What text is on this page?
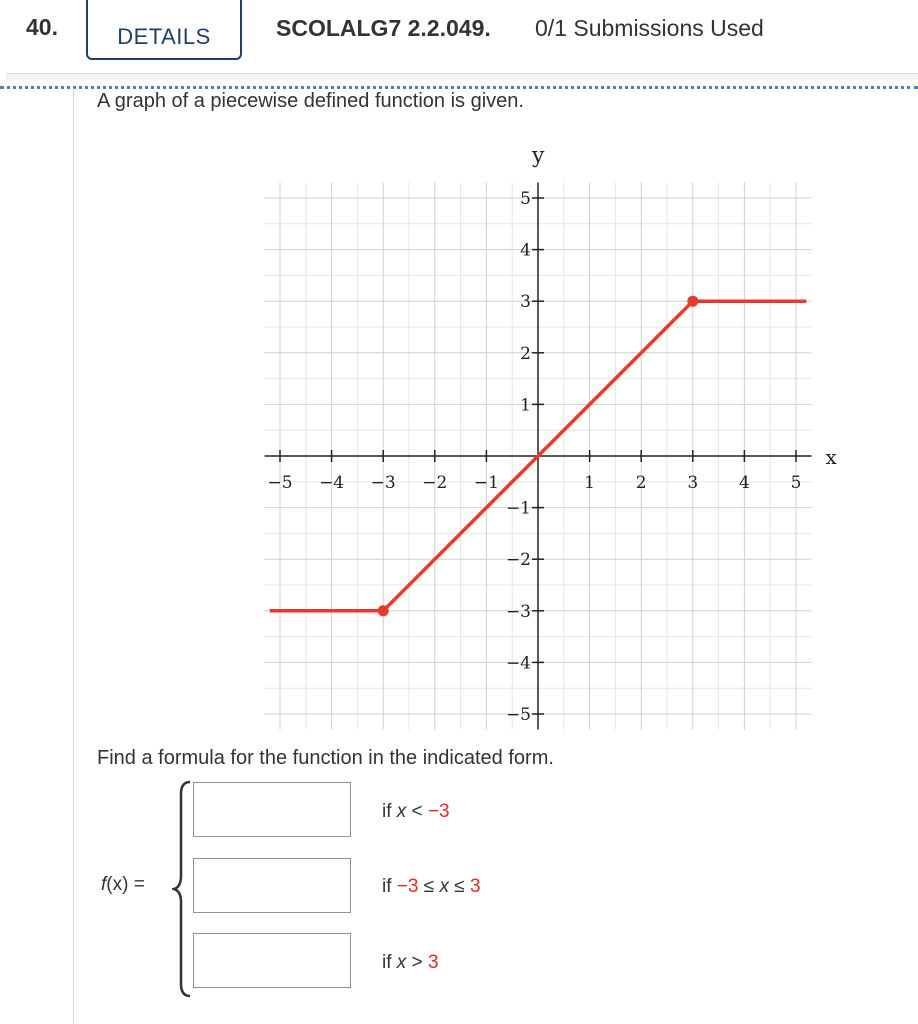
40.	DETAILS	SCOLALG7 2.2.049. 0/1 Submissions Used
A graph of a piecewise defined function is given.
−5 −4 −3 −2 −1	1 2 3 4 5
5
4
3
2
1
−1
−2
−3
−4
−5
x
y
Find a formula for the function in the indicated form.
f(x) =
if x < −3
if −3 ≤ x ≤ 3
if x > 3
